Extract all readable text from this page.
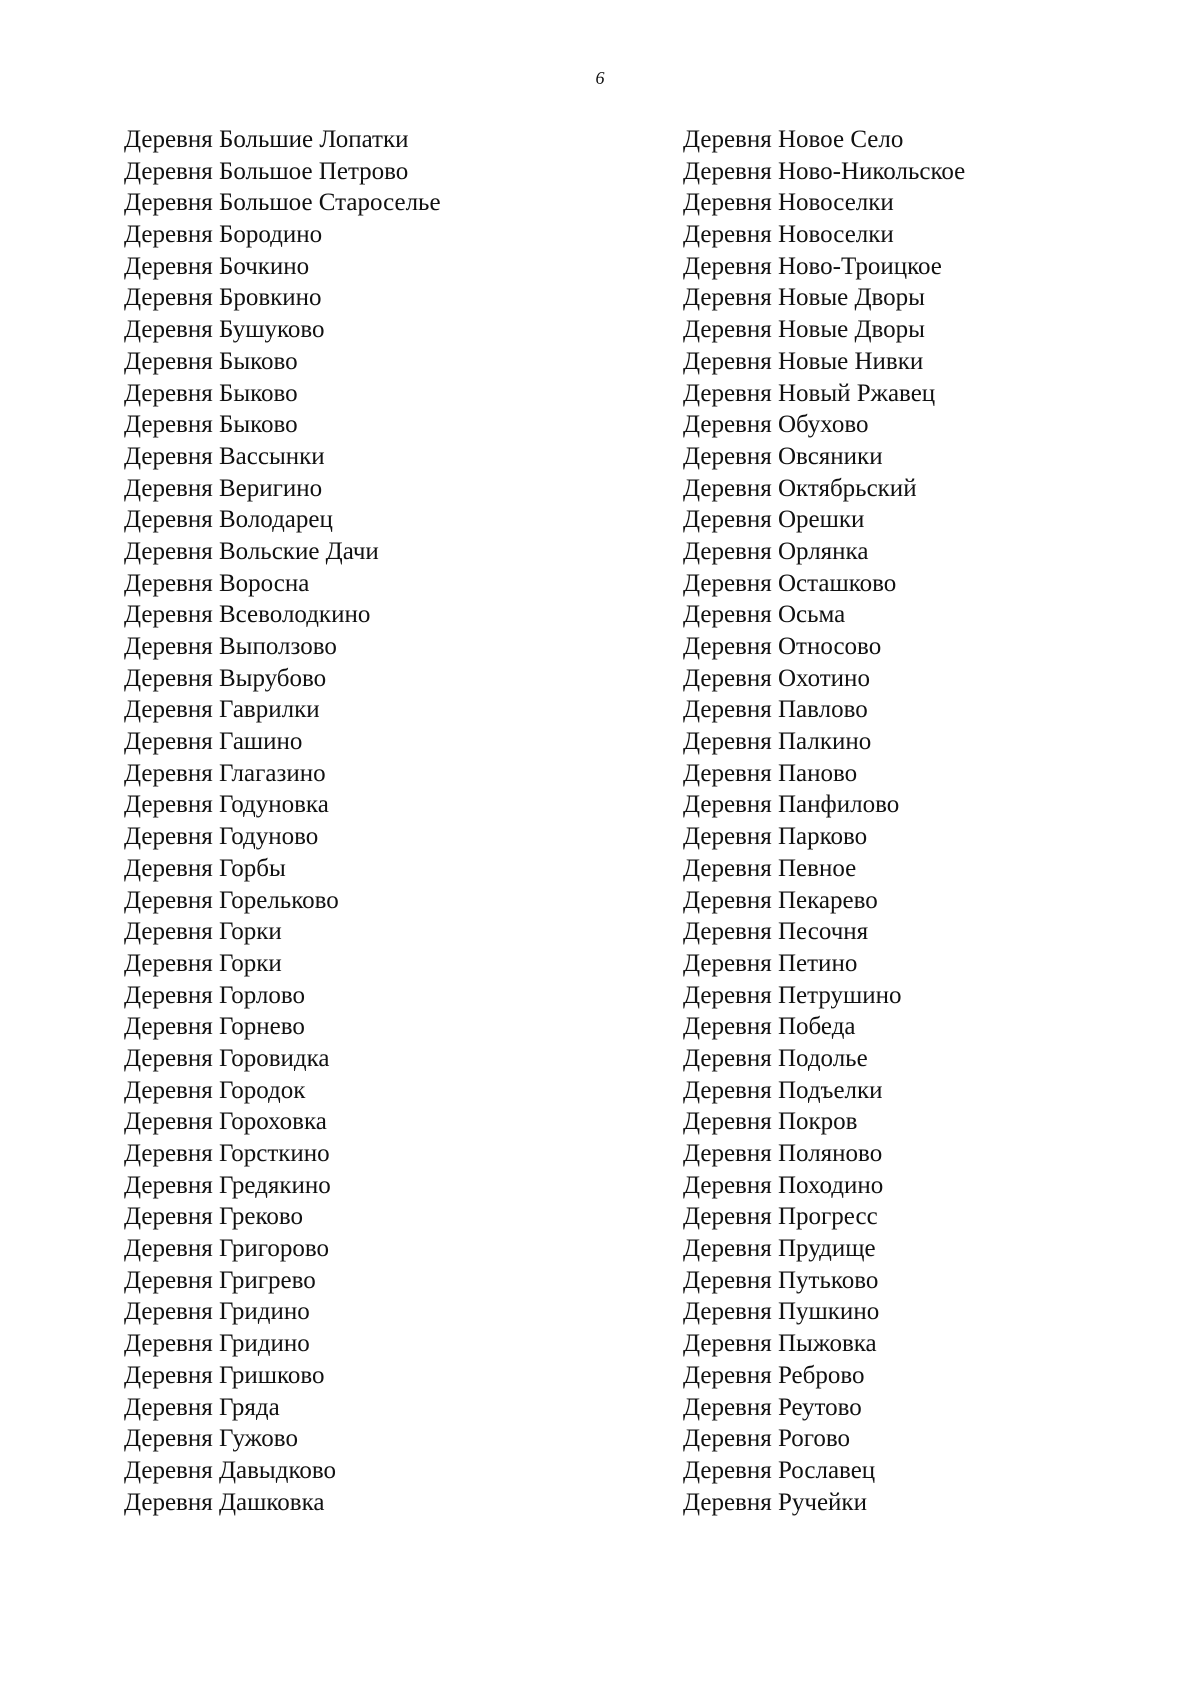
6
Деревня Большие Лопатки
Деревня Большое Петрово
Деревня Большое Староселье
Деревня Бородино
Деревня Бочкино
Деревня Бровкино
Деревня Бушуково
Деревня Быково
Деревня Быково
Деревня Быково
Деревня Вассынки
Деревня Веригино
Деревня Володарец
Деревня Вольские Дачи
Деревня Воросна
Деревня Всеволодкино
Деревня Выползово
Деревня Вырубово
Деревня Гаврилки
Деревня Гашино
Деревня Глагазино
Деревня Годуновка
Деревня Годуново
Деревня Горбы
Деревня Горельково
Деревня Горки
Деревня Горки
Деревня Горлово
Деревня Горнево
Деревня Горовидка
Деревня Городок
Деревня Гороховка
Деревня Горсткино
Деревня Гредякино
Деревня Греково
Деревня Григорово
Деревня Григрево
Деревня Гридино
Деревня Гридино
Деревня Гришково
Деревня Гряда
Деревня Гужово
Деревня Давыдково
Деревня Дашковка
Деревня Новое Село
Деревня Ново-Никольское
Деревня Новоселки
Деревня Новоселки
Деревня Ново-Троицкое
Деревня Новые Дворы
Деревня Новые Дворы
Деревня Новые Нивки
Деревня Новый Ржавец
Деревня Обухово
Деревня Овсяники
Деревня Октябрьский
Деревня Орешки
Деревня Орлянка
Деревня Осташково
Деревня Осьма
Деревня Относово
Деревня Охотино
Деревня Павлово
Деревня Палкино
Деревня Паново
Деревня Панфилово
Деревня Парково
Деревня Певное
Деревня Пекарево
Деревня Песочня
Деревня Петино
Деревня Петрушино
Деревня Победа
Деревня Подолье
Деревня Подъелки
Деревня Покров
Деревня Поляново
Деревня Походино
Деревня Прогресс
Деревня Прудище
Деревня Путьково
Деревня Пушкино
Деревня Пыжовка
Деревня Реброво
Деревня Реутово
Деревня Рогово
Деревня Рославец
Деревня Ручейки
